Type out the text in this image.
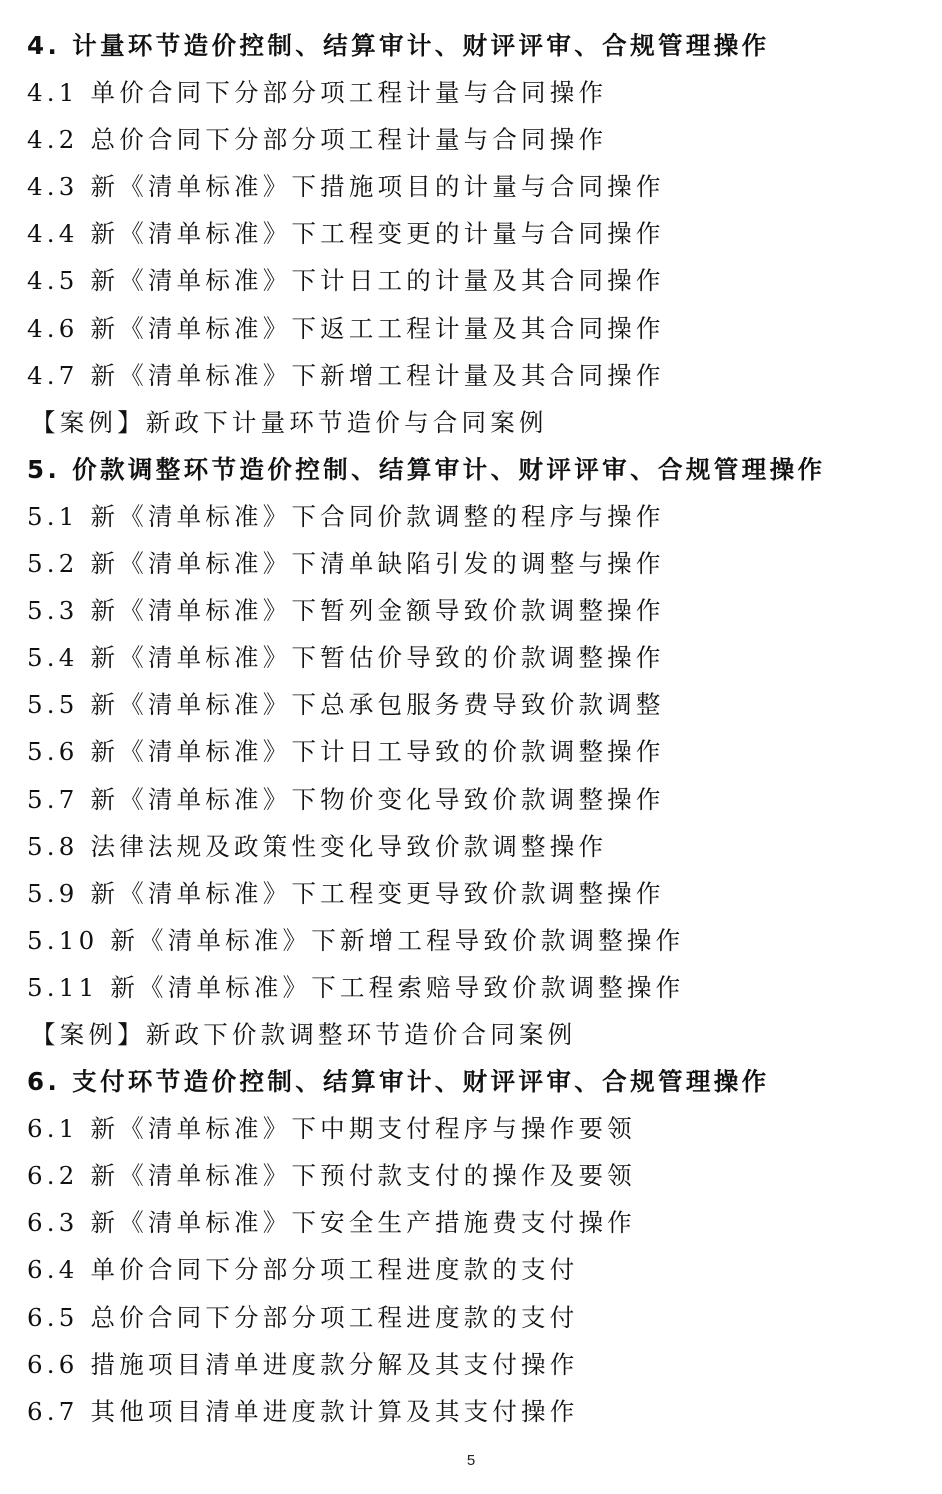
4. 计量环节造价控制、结算审计、财评评审、合规管理操作
4.1 单价合同下分部分项工程计量与合同操作
4.2 总价合同下分部分项工程计量与合同操作
4.3 新《清单标准》下措施项目的计量与合同操作
4.4 新《清单标准》下工程变更的计量与合同操作
4.5 新《清单标准》下计日工的计量及其合同操作
4.6 新《清单标准》下返工工程计量及其合同操作
4.7 新《清单标准》下新增工程计量及其合同操作
【案例】新政下计量环节造价与合同案例
5. 价款调整环节造价控制、结算审计、财评评审、合规管理操作
5.1 新《清单标准》下合同价款调整的程序与操作
5.2 新《清单标准》下清单缺陷引发的调整与操作
5.3 新《清单标准》下暂列金额导致价款调整操作
5.4 新《清单标准》下暂估价导致的价款调整操作
5.5 新《清单标准》下总承包服务费导致价款调整
5.6 新《清单标准》下计日工导致的价款调整操作
5.7 新《清单标准》下物价变化导致价款调整操作
5.8 法律法规及政策性变化导致价款调整操作
5.9 新《清单标准》下工程变更导致价款调整操作
5.10 新《清单标准》下新增工程导致价款调整操作
5.11 新《清单标准》下工程索赔导致价款调整操作
【案例】新政下价款调整环节造价合同案例
6. 支付环节造价控制、结算审计、财评评审、合规管理操作
6.1 新《清单标准》下中期支付程序与操作要领
6.2 新《清单标准》下预付款支付的操作及要领
6.3 新《清单标准》下安全生产措施费支付操作
6.4 单价合同下分部分项工程进度款的支付
6.5 总价合同下分部分项工程进度款的支付
6.6 措施项目清单进度款分解及其支付操作
6.7 其他项目清单进度款计算及其支付操作
5
